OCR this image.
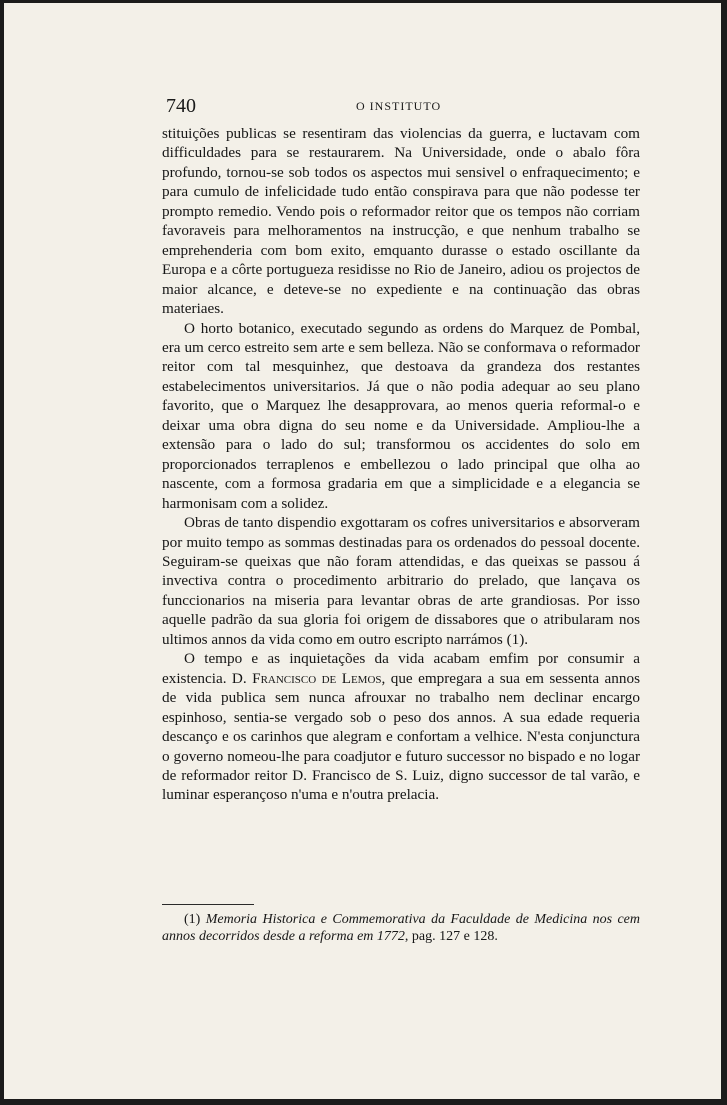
740	O INSTITUTO

stituições publicas se resentiram das violencias da guerra, e luctavam com difficuldades para se restaurarem. Na Universidade, onde o abalo fôra profundo, tornou-se sob todos os aspectos mui sensivel o enfraquecimento; e para cumulo de infelicidade tudo então conspirava para que não podesse ter prompto remedio. Vendo pois o reformador reitor que os tempos não corriam favoraveis para melhoramentos na instrucção, e que nenhum trabalho se emprehenderia com bom exito, emquanto durasse o estado oscillante da Europa e a côrte portugueza residisse no Rio de Janeiro, adiou os projectos de maior alcance, e deteve-se no expediente e na continuação das obras materiaes.

O horto botanico, executado segundo as ordens do Marquez de Pombal, era um cerco estreito sem arte e sem belleza. Não se conformava o reformador reitor com tal mesquinhez, que destoava da grandeza dos restantes estabelecimentos universitarios. Já que o não podia adequar ao seu plano favorito, que o Marquez lhe desapprovara, ao menos queria reformal-o e deixar uma obra digna do seu nome e da Universidade. Ampliou-lhe a extensão para o lado do sul; transformou os accidentes do solo em proporcionados terraplenos e embellezou o lado principal que olha ao nascente, com a formosa gradaria em que a simplicidade e a elegancia se harmonisam com a solidez.

Obras de tanto dispendio exgottaram os cofres universitarios e absorveram por muito tempo as sommas destinadas para os ordenados do pessoal docente. Seguiram-se queixas que não foram attendidas, e das queixas se passou á invectiva contra o procedimento arbitrario do prelado, que lançava os funccionarios na miseria para levantar obras de arte grandiosas. Por isso aquelle padrão da sua gloria foi origem de dissabores que o atribularam nos ultimos annos da vida como em outro escripto narrámos (1).

O tempo e as inquietações da vida acabam emfim por consumir a existencia. D. Francisco de Lemos, que empregara a sua em sessenta annos de vida publica sem nunca afrouxar no trabalho nem declinar encargo espinhoso, sentia-se vergado sob o peso dos annos. A sua edade requeria descanço e os carinhos que alegram e confortam a velhice. N'esta conjunctura o governo nomeou-lhe para coadjutor e futuro successor no bispado e no logar de reformador reitor D. Francisco de S. Luiz, digno successor de tal varão, e luminar esperançoso n'uma e n'outra prelacia.

(1) Memoria Historica e Commemorativa da Faculdade de Medicina nos cem annos decorridos desde a reforma em 1772, pag. 127 e 128.
